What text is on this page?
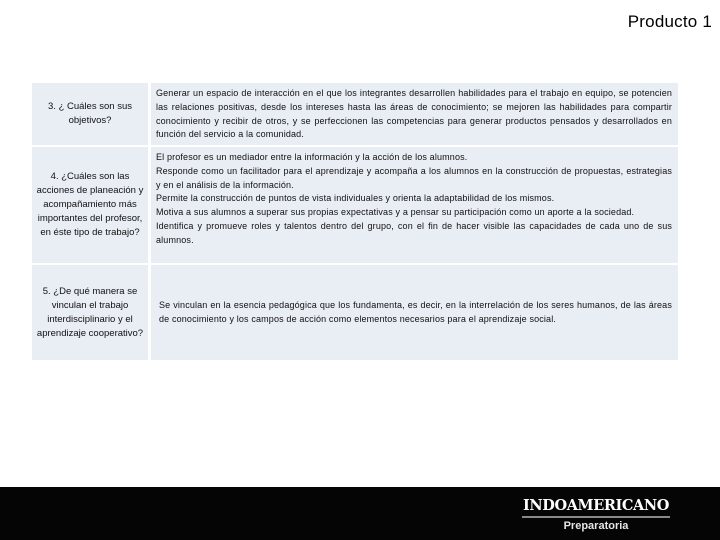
Producto 1
3. ¿ Cuáles son sus objetivos?
Generar un espacio de interacción en el que los integrantes desarrollen habilidades para el trabajo en equipo, se potencien las relaciones positivas, desde los intereses hasta las áreas de conocimiento; se mejoren las habilidades para compartir conocimiento y recibir de otros, y se perfeccionen las competencias para generar productos pensados y desarrollados en función del servicio a la comunidad.
4. ¿Cuáles son las acciones de planeación y acompañamiento más importantes del profesor, en éste tipo de trabajo?
El profesor es un mediador entre la información y la acción de los alumnos.
Responde como un facilitador para el aprendizaje y acompaña a los alumnos en la construcción de propuestas, estrategias y en el análisis de la información.
Permite la construcción de puntos de vista individuales y orienta la adaptabilidad de los mismos.
Motiva a sus alumnos a superar sus propias expectativas y a pensar su participación como un aporte a la sociedad.
Identifica y promueve roles y talentos dentro del grupo, con el fin de hacer visible las capacidades de cada uno de sus alumnos.
5. ¿De qué manera se vinculan el trabajo interdisciplinario y el aprendizaje cooperativo?
Se vinculan en la esencia pedagógica que los fundamenta, es decir, en la interrelación de los seres humanos, de las áreas de conocimiento y los campos de acción como elementos necesarios para el aprendizaje social.
INDOAMERICANO
Preparatoria
